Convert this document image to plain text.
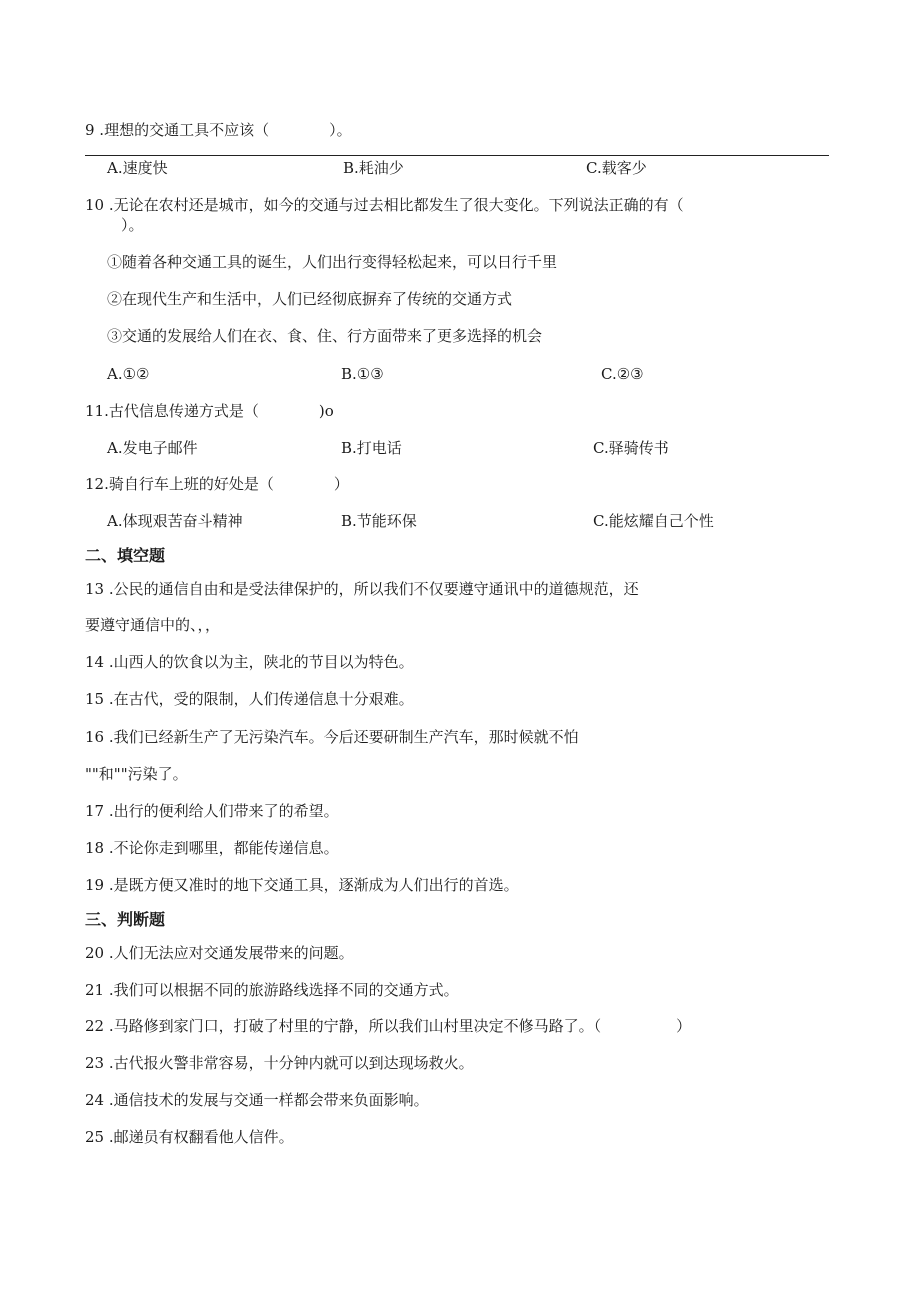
9 .理想的交通工具不应该（　　　　）。
A.速度快	B.耗油少	C.载客少
10 .无论在农村还是城市，如今的交通与过去相比都发生了很大变化。下列说法正确的有（
）。
①随着各种交通工具的诞生，人们出行变得轻松起来，可以日行千里
②在现代生产和生活中，人们已经彻底摒弃了传统的交通方式
③交通的发展给人们在衣、食、住、行方面带来了更多选择的机会
A.①②	B.①③	C.②③
11.古代信息传递方式是（　　　　)o
A.发电子邮件	B.打电话	C.驿骑传书
12.骑自行车上班的好处是（　　　　）
A.体现艰苦奋斗精神	B.节能环保	C.能炫耀自己个性
二、填空题
13 .公民的通信自由和是受法律保护的，所以我们不仅要遵守通讯中的道德规范，还
要遵守通信中的、，，
14 .山西人的饮食以为主，陕北的节目以为特色。
15 .在古代，受的限制，人们传递信息十分艰难。
16 .我们已经新生产了无污染汽车。今后还要研制生产汽车，那时候就不怕
""和""污染了。
17 .出行的便利给人们带来了的希望。
18 .不论你走到哪里，都能传递信息。
19 .是既方便又准时的地下交通工具，逐渐成为人们出行的首选。
三、判断题
20 .人们无法应对交通发展带来的问题。
21 .我们可以根据不同的旅游路线选择不同的交通方式。
22 .马路修到家门口，打破了村里的宁静，所以我们山村里决定不修马路了。（　　　　　）
23 .古代报火警非常容易，十分钟内就可以到达现场救火。
24 .通信技术的发展与交通一样都会带来负面影响。
25 .邮递员有权翻看他人信件。
